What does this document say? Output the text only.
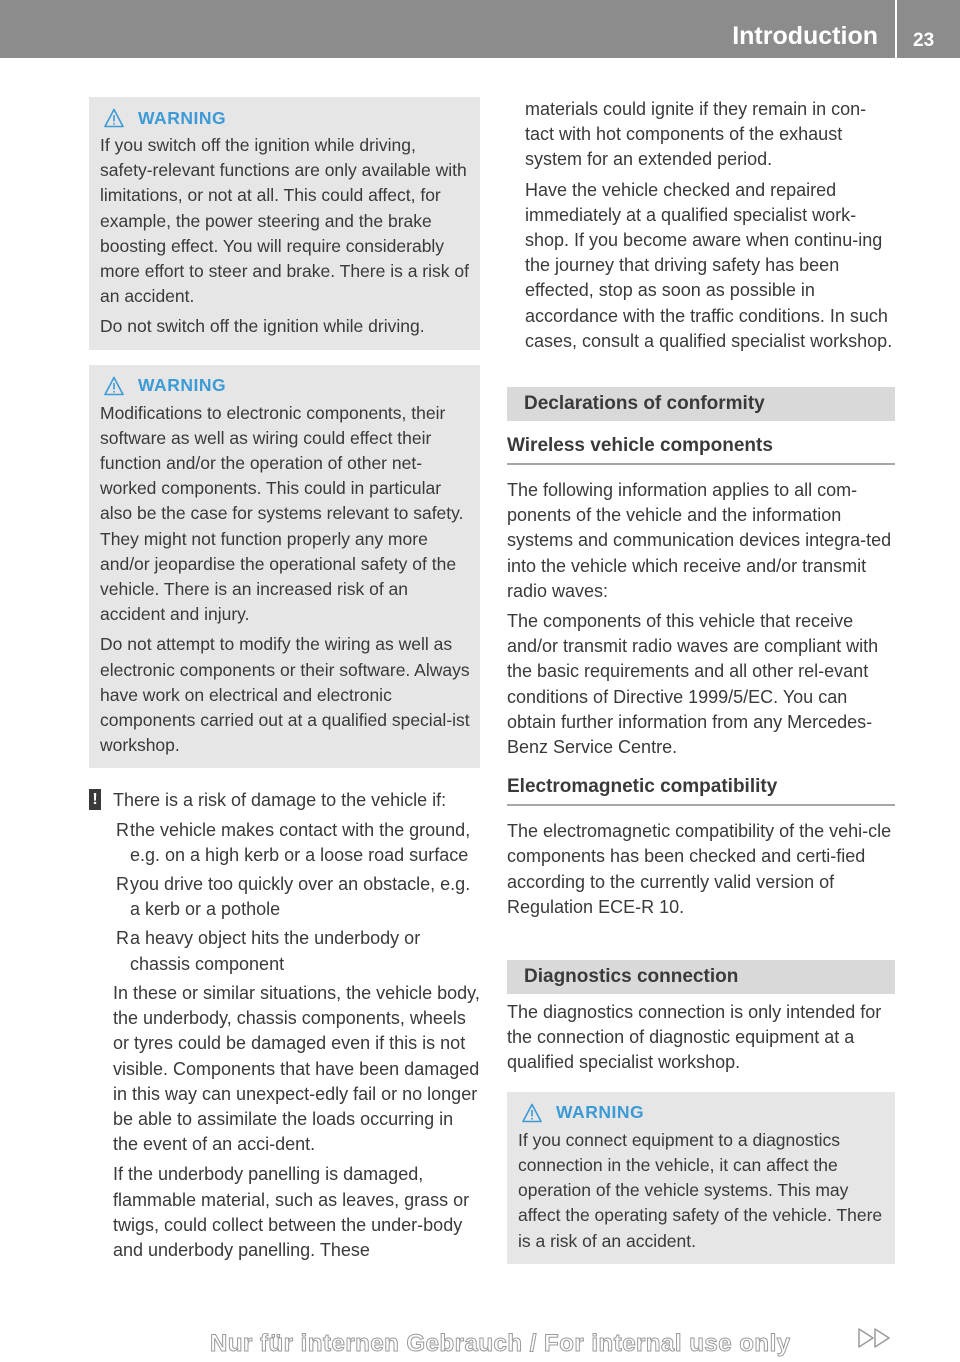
Introduction 23
WARNING

If you switch off the ignition while driving, safety-relevant functions are only available with limitations, or not at all. This could affect, for example, the power steering and the brake boosting effect. You will require considerably more effort to steer and brake. There is a risk of an accident.

Do not switch off the ignition while driving.

WARNING

Modifications to electronic components, their software as well as wiring could effect their function and/or the operation of other net-worked components. This could in particular also be the case for systems relevant to safety. They might not function properly any more and/or jeopardise the operational safety of the vehicle. There is an increased risk of an accident and injury.

Do not attempt to modify the wiring as well as electronic components or their software. Always have work on electrical and electronic components carried out at a qualified special-ist workshop.

! There is a risk of damage to the vehicle if:

R the vehicle makes contact with the ground, e.g. on a high kerb or a loose road surface
R you drive too quickly over an obstacle, e.g. a kerb or a pothole
R a heavy object hits the underbody or chassis component

In these or similar situations, the vehicle body, the underbody, chassis components, wheels or tyres could be damaged even if this is not visible. Components that have been damaged in this way can unexpect-edly fail or no longer be able to assimilate the loads occurring in the event of an acci-dent.

If the underbody panelling is damaged, flammable material, such as leaves, grass or twigs, could collect between the under-body and underbody panelling. These

materials could ignite if they remain in con-tact with hot components of the exhaust system for an extended period.

Have the vehicle checked and repaired immediately at a qualified specialist work-shop. If you become aware when continu-ing the journey that driving safety has been effected, stop as soon as possible in accordance with the traffic conditions. In such cases, consult a qualified specialist workshop.

Declarations of conformity
Wireless vehicle components

The following information applies to all com-ponents of the vehicle and the information systems and communication devices integra-ted into the vehicle which receive and/or transmit radio waves:

The components of this vehicle that receive and/or transmit radio waves are compliant with the basic requirements and all other rel-evant conditions of Directive 1999/5/EC. You can obtain further information from any Mercedes-Benz Service Centre.

Electromagnetic compatibility

The electromagnetic compatibility of the vehi-cle components has been checked and certi-fied according to the currently valid version of Regulation ECE-R 10.

Diagnostics connection

The diagnostics connection is only intended for the connection of diagnostic equipment at a qualified specialist workshop.

WARNING

If you connect equipment to a diagnostics connection in the vehicle, it can affect the operation of the vehicle systems. This may affect the operating safety of the vehicle. There is a risk of an accident.

Nur für internen Gebrauch / For internal use only
